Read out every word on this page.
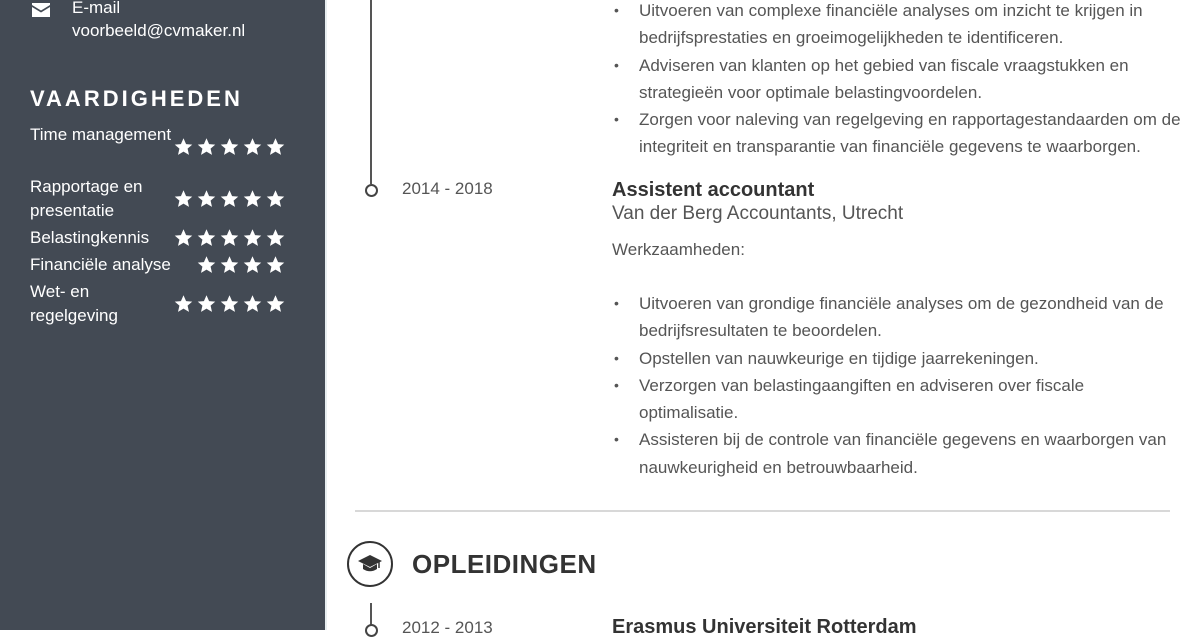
E-mail
voorbeeld@cvmaker.nl
VAARDIGHEDEN
Time management
Rapportage en presentatie
Belastingkennis
Financiële analyse
Wet- en regelgeving
• Uitvoeren van complexe financiële analyses om inzicht te krijgen in bedrijfsprestaties en groeimogelijkheden te identificeren.
• Adviseren van klanten op het gebied van fiscale vraagstukken en strategieën voor optimale belastingvoordelen.
• Zorgen voor naleving van regelgeving en rapportagestandaarden om de integriteit en transparantie van financiële gegevens te waarborgen.
2014 - 2018	Assistent accountant
Van der Berg Accountants, Utrecht
Werkzaamheden:
• Uitvoeren van grondige financiële analyses om de gezondheid van de bedrijfsresultaten te beoordelen.
• Opstellen van nauwkeurige en tijdige jaarrekeningen.
• Verzorgen van belastingaangiften en adviseren over fiscale optimalisatie.
• Assisteren bij de controle van financiële gegevens en waarborgen van nauwkeurigheid en betrouwbaarheid.
OPLEIDINGEN
2012 - 2013	Erasmus Universiteit Rotterdam
